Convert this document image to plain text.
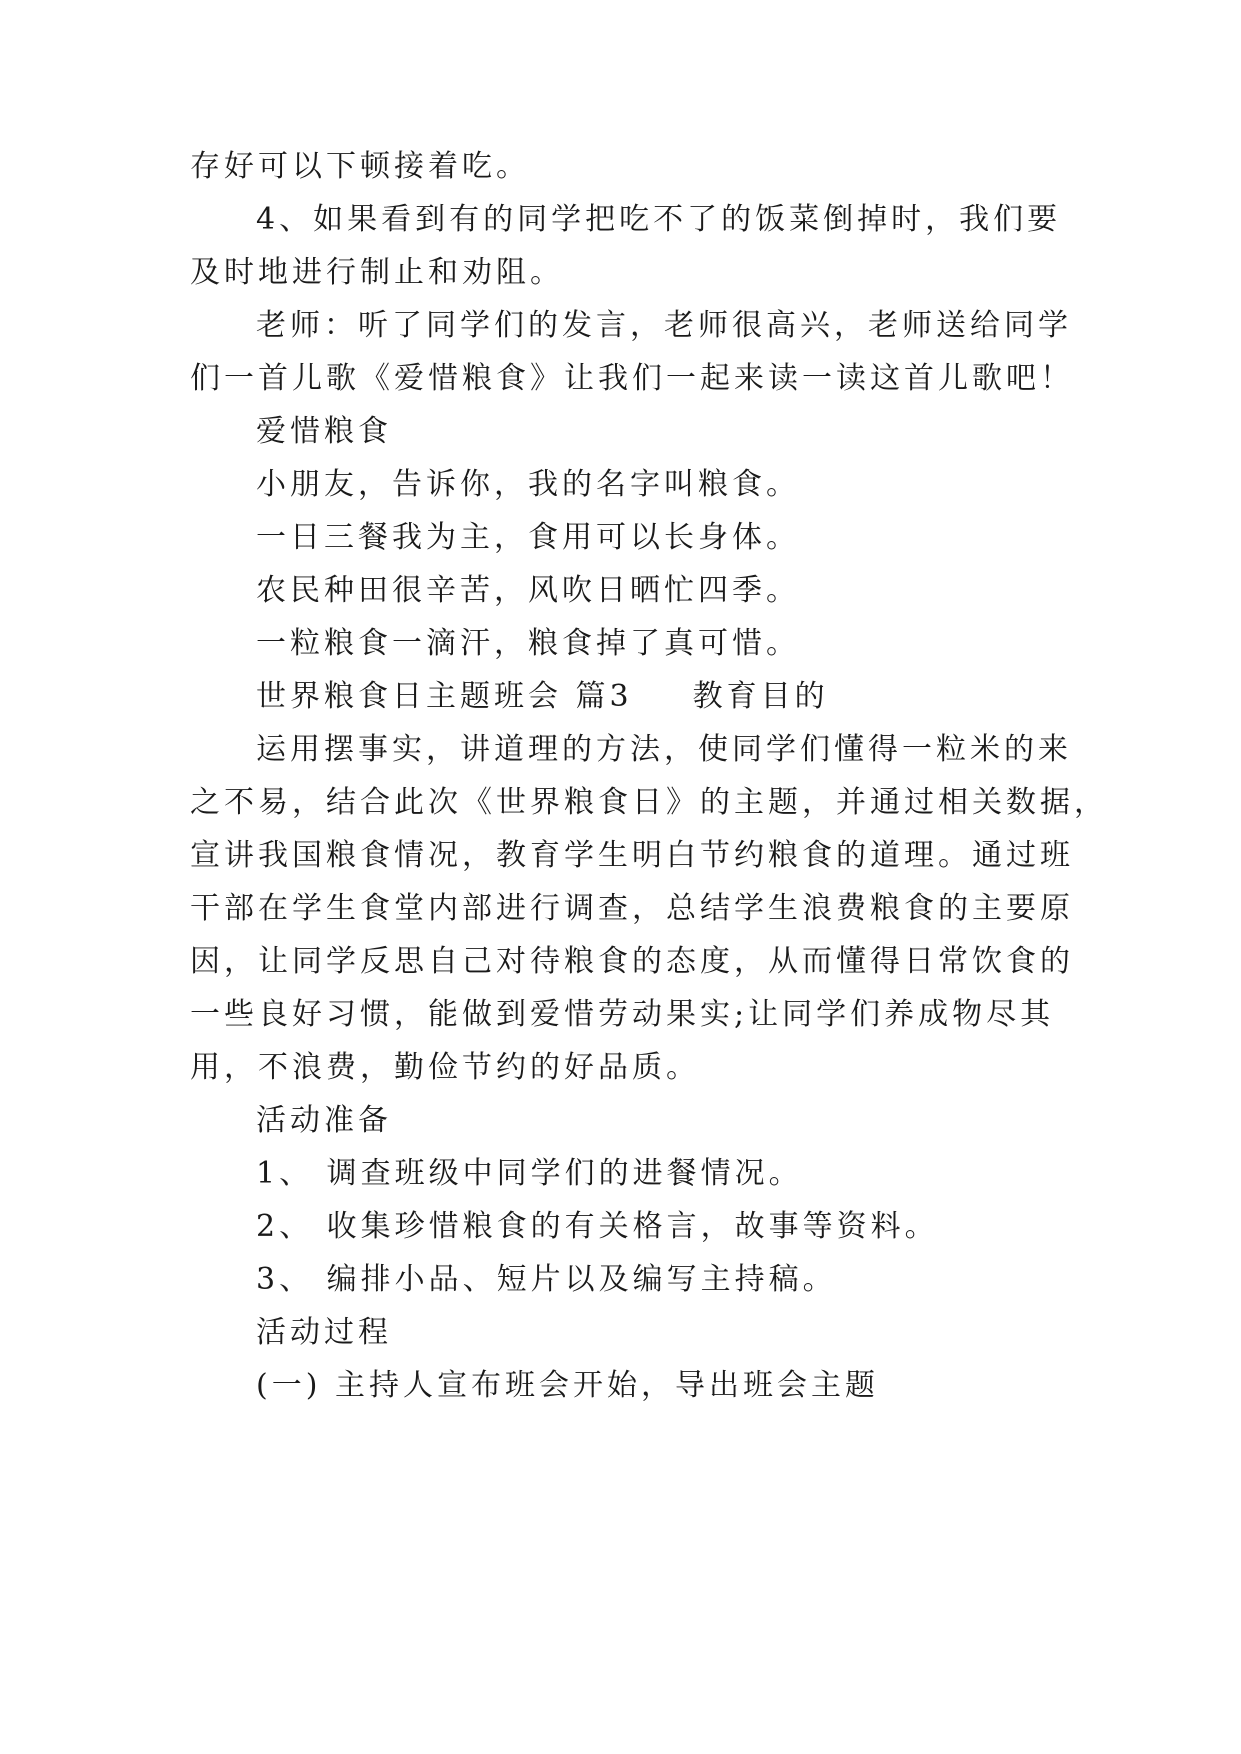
存好可以下顿接着吃。
4、如果看到有的同学把吃不了的饭菜倒掉时，我们要
及时地进行制止和劝阻。
老师：听了同学们的发言，老师很高兴，老师送给同学
们一首儿歌《爱惜粮食》让我们一起来读一读这首儿歌吧！
爱惜粮食
小朋友，告诉你，我的名字叫粮食。
一日三餐我为主，食用可以长身体。
农民种田很辛苦，风吹日晒忙四季。
一粒粮食一滴汗，粮食掉了真可惜。
世界粮食日主题班会 篇3 教育目的
运用摆事实，讲道理的方法，使同学们懂得一粒米的来
之不易，结合此次《世界粮食日》的主题，并通过相关数据，
宣讲我国粮食情况，教育学生明白节约粮食的道理。通过班
干部在学生食堂内部进行调查，总结学生浪费粮食的主要原
因，让同学反思自己对待粮食的态度，从而懂得日常饮食的
一些良好习惯，能做到爱惜劳动果实;让同学们养成物尽其
用，不浪费，勤俭节约的好品质。
活动准备
1、 调查班级中同学们的进餐情况。
2、 收集珍惜粮食的有关格言，故事等资料。
3、 编排小品、短片以及编写主持稿。
活动过程
(一) 主持人宣布班会开始，导出班会主题
